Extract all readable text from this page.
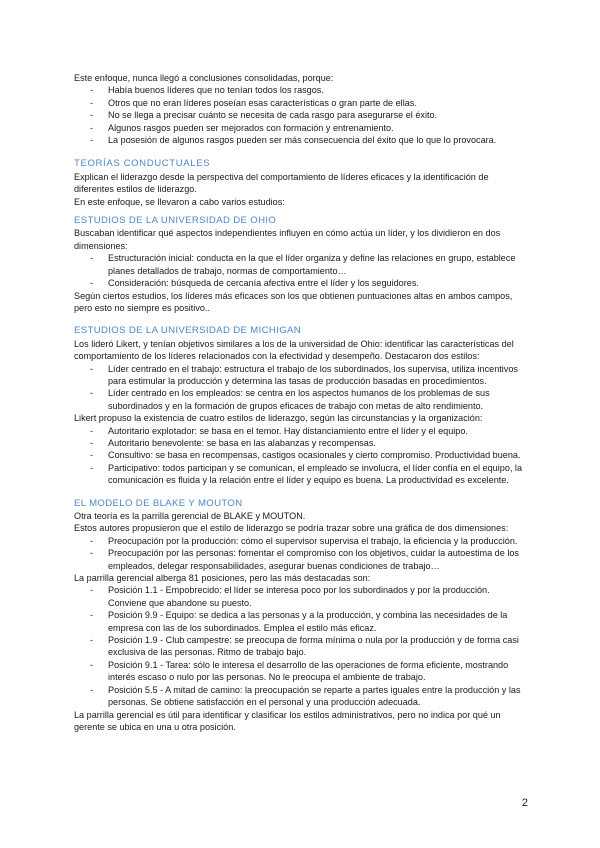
Este enfoque, nunca llegó a conclusiones consolidadas, porque:

- Había buenos líderes que no tenían todos los rasgos.
- Otros que no eran líderes poseían esas características o gran parte de ellas.
- No se llega a precisar cuánto se necesita de cada rasgo para asegurarse el éxito.
- Algunos rasgos pueden ser mejorados con formación y entrenamiento.
- La posesión de algunos rasgos pueden ser más consecuencia del éxito que lo que lo provocara.

TEORÍAS CONDUCTUALES

Explican el liderazgo desde la perspectiva del comportamiento de líderes eficaces y la identificación de diferentes estilos de liderazgo.

En este enfoque, se llevaron a cabo varios estudios:

ESTUDIOS DE LA UNIVERSIDAD DE OHIO

Buscaban identificar qué aspectos independientes influyen en cómo actúa un líder, y los dividieron en dos dimensiones:

- Estructuración inicial: conducta en la que el líder organiza y define las relaciones en grupo, establece planes detallados de trabajo, normas de comportamiento…
- Consideración: búsqueda de cercanía afectiva entre el líder y los seguidores.

Según ciertos estudios, los líderes más eficaces son los que obtienen puntuaciones altas en ambos campos, pero esto no siempre es positivo..

ESTUDIOS DE LA UNIVERSIDAD DE MICHIGAN

Los lideró Likert, y tenían objetivos similares a los de la universidad de Ohio: identificar las características del comportamiento de los líderes relacionados con la efectividad y desempeño. Destacaron dos estilos:

- Líder centrado en el trabajo: estructura el trabajo de los subordinados, los supervisa, utiliza incentivos para estimular la producción y determina las tasas de producción basadas en procedimientos.
- Líder centrado en los empleados: se centra en los aspectos humanos de los problemas de sus subordinados y en la formación de grupos eficaces de trabajo con metas de alto rendimiento.

Likert propuso la existencia de cuatro estilos de liderazgo, según las circunstancias y la organización:

- Autoritario explotador: se basa en el temor. Hay distanciamiento entre el líder y el equipo.
- Autoritario benevolente: se basa en las alabanzas y recompensas.
- Consultivo: se basa en recompensas, castigos ocasionales y cierto compromiso. Productividad buena.
- Participativo: todos participan y se comunican, el empleado se involucra, el líder confía en el equipo, la comunicación es fluida y la relación entre el líder y equipo es buena. La productividad es excelente.

EL MODELO DE BLAKE Y MOUTON

Otra teoría es la parrilla gerencial de BLAKE y MOUTON.

Estos autores propusieron que el estilo de liderazgo se podría trazar sobre una gráfica de dos dimensiones:

- Preocupación por la producción: cómo el supervisor supervisa el trabajo, la eficiencia y la producción.
- Preocupación por las personas: fomentar el compromiso con los objetivos, cuidar la autoestima de los empleados, delegar responsabilidades, asegurar buenas condiciones de trabajo…

La parrilla gerencial alberga 81 posiciones, pero las más destacadas son:

- Posición 1.1 - Empobrecido: el líder se interesa poco por los subordinados y por la producción. Conviene que abandone su puesto.
- Posición 9.9 - Equipo: se dedica a las personas y a la producción, y combina las necesidades de la empresa con las de los subordinados. Emplea el estilo más eficaz.
- Posición 1.9 - Club campestre: se preocupa de forma mínima o nula por la producción y de forma casi exclusiva de las personas. Ritmo de trabajo bajo.
- Posición 9.1 - Tarea: sólo le interesa el desarrollo de las operaciones de forma eficiente, mostrando interés escaso o nulo por las personas. No le preocupa el ambiente de trabajo.
- Posición 5.5 - A mitad de camino: la preocupación se reparte a partes iguales entre la producción y las personas. Se obtiene satisfacción en el personal y una producción adecuada.

La parrilla gerencial es útil para identificar y clasificar los estilos administrativos, pero no indica por qué un gerente se ubica en una u otra posición.

2
